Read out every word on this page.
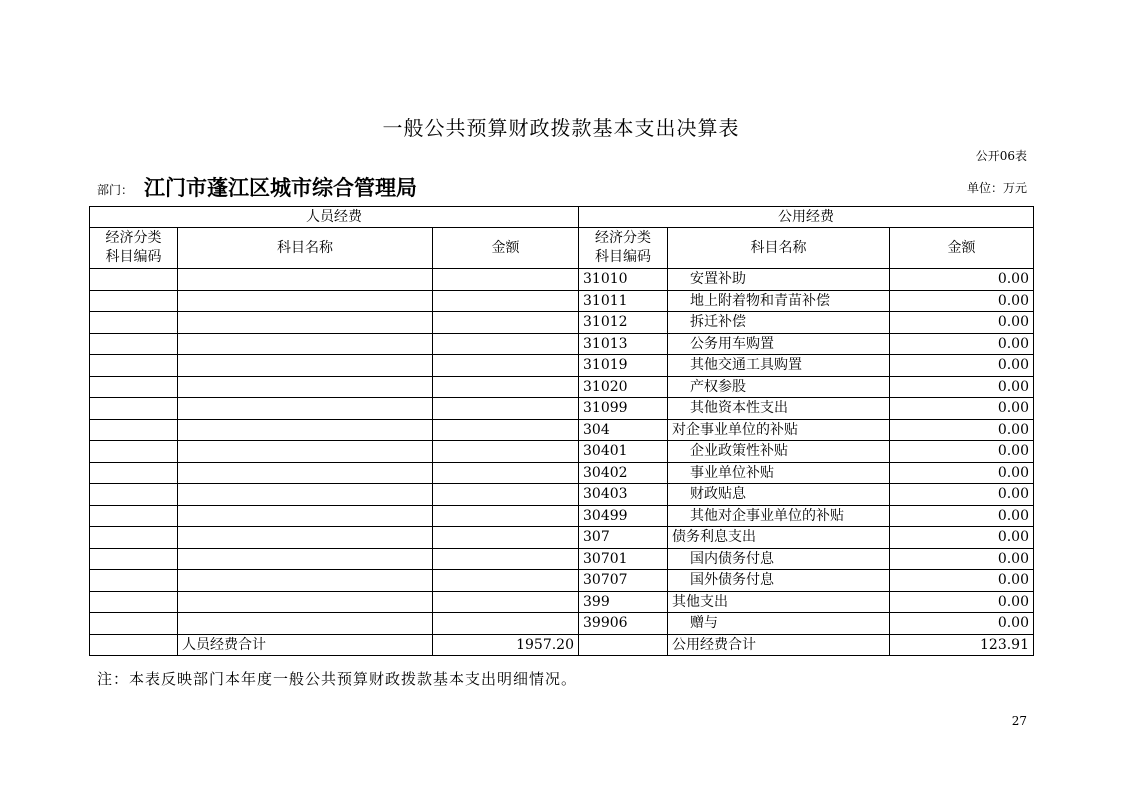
一般公共预算财政拨款基本支出决算表
公开06表
部门： 江门市蓬江区城市综合管理局	单位：万元
人员经费			公用经费		
经济分类
科目编码	科目名称	金额	经济分类
科目编码	科目名称	金额
			31010	安置补助	0.00
			31011	地上附着物和青苗补偿	0.00
			31012	拆迁补偿	0.00
			31013	公务用车购置	0.00
			31019	其他交通工具购置	0.00
			31020	产权参股	0.00
			31099	其他资本性支出	0.00
			304	对企事业单位的补贴	0.00
			30401	企业政策性补贴	0.00
			30402	事业单位补贴	0.00
			30403	财政贴息	0.00
			30499	其他对企事业单位的补贴	0.00
			307	债务利息支出	0.00
			30701	国内债务付息	0.00
			30707	国外债务付息	0.00
			399	其他支出	0.00
			39906	赠与	0.00
	人员经费合计	1957.20		公用经费合计	123.91
注：本表反映部门本年度一般公共预算财政拨款基本支出明细情况。
27
